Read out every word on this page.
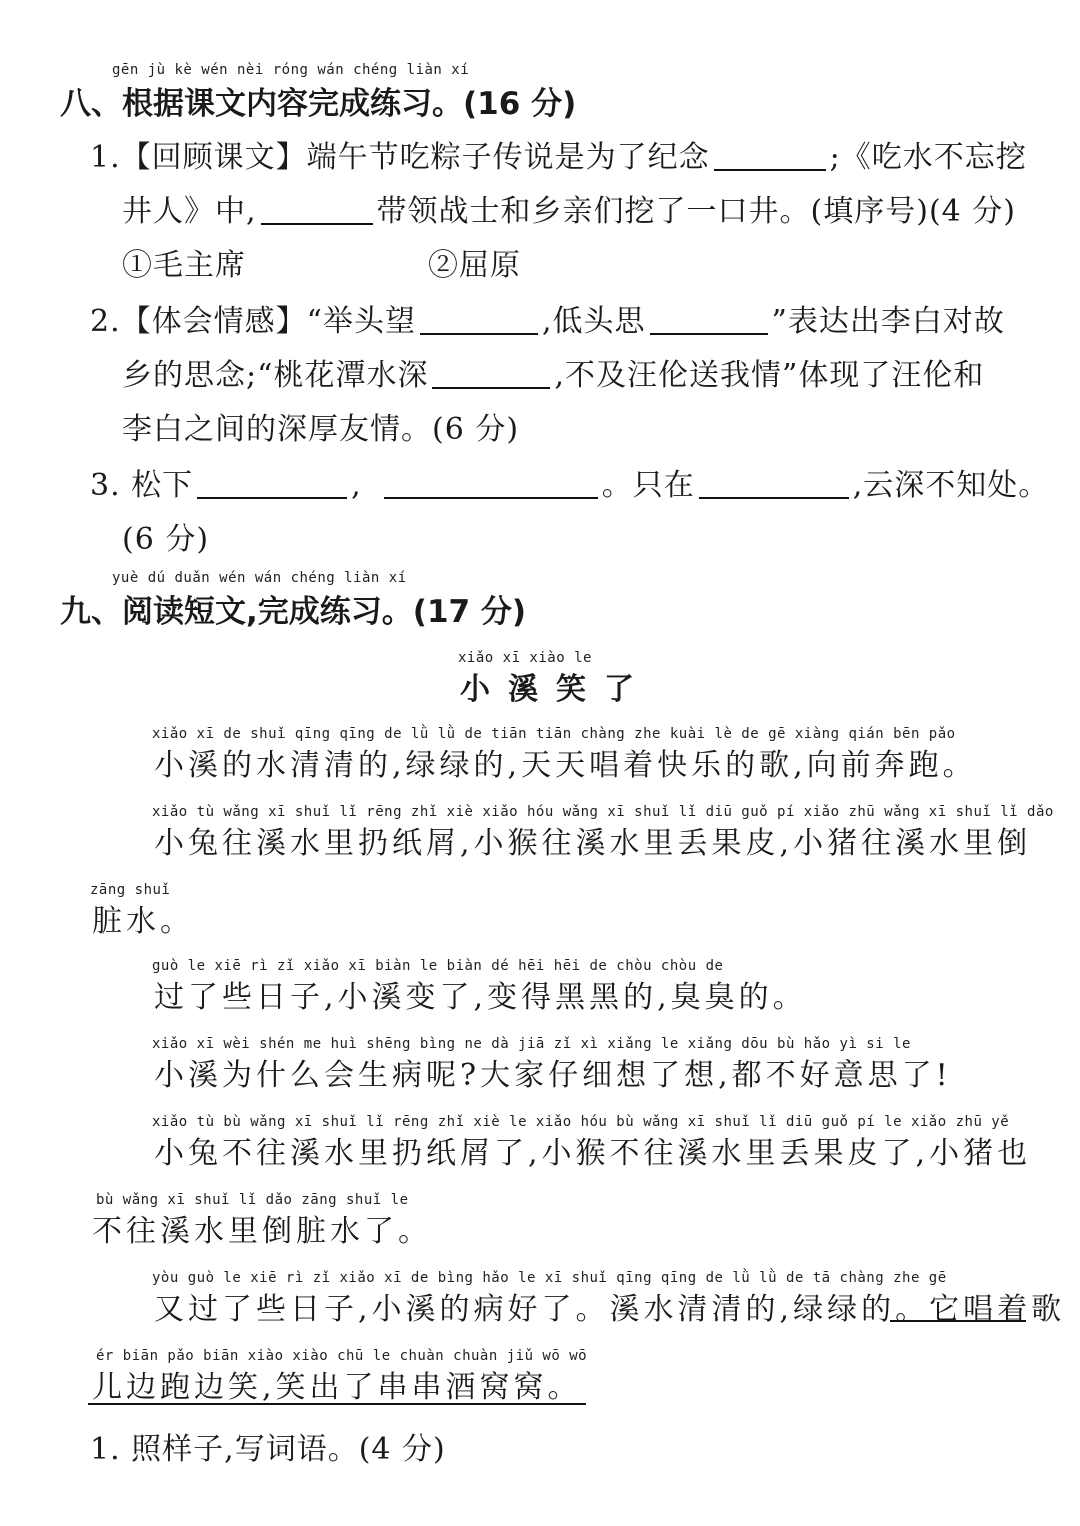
gēn jù kè wén nèi róng wán chéng liàn xí
八、根据课文内容完成练习。(16 分)
1.【回顾课文】端午节吃粽子传说是为了纪念	;《吃水不忘挖
井人》中,	带领战士和乡亲们挖了一口井。(填序号)(4 分)
①毛主席	②屈原
2.【体会情感】“举头望	,低头思	”表达出李白对故
乡的思念;“桃花潭水深	,不及汪伦送我情”体现了汪伦和
李白之间的深厚友情。(6 分)
3. 松下	,	。只在	,云深不知处。
(6 分)
yuè dú duǎn wén wán chéng liàn xí
九、阅读短文,完成练习。(17 分)
xiǎo xī xiào le
小溪笑了
xiǎo xī de shuǐ qīng qīng de lǜ lǜ de tiān tiān chàng zhe kuài lè de gē xiàng qián bēn pǎo
小溪的水清清的,绿绿的,天天唱着快乐的歌,向前奔跑。
xiǎo tù wǎng xī shuǐ lǐ rēng zhǐ xiè xiǎo hóu wǎng xī shuǐ lǐ diū guǒ pí xiǎo zhū wǎng xī shuǐ lǐ dǎo
小兔往溪水里扔纸屑,小猴往溪水里丢果皮,小猪往溪水里倒
zāng shuǐ
脏水。
guò le xiē rì zǐ xiǎo xī biàn le biàn dé hēi hēi de chòu chòu de
过了些日子,小溪变了,变得黑黑的,臭臭的。
xiǎo xī wèi shén me huì shēng bìng ne dà jiā zǐ xì xiǎng le xiǎng dōu bù hǎo yì si le
小溪为什么会生病呢?大家仔细想了想,都不好意思了!
xiǎo tù bù wǎng xī shuǐ lǐ rēng zhǐ xiè le xiǎo hóu bù wǎng xī shuǐ lǐ diū guǒ pí le xiǎo zhū yě
小兔不往溪水里扔纸屑了,小猴不往溪水里丢果皮了,小猪也
bù wǎng xī shuǐ lǐ dǎo zāng shuǐ le
不往溪水里倒脏水了。
yòu guò le xiē rì zǐ xiǎo xī de bìng hǎo le xī shuǐ qīng qīng de lǜ lǜ de tā chàng zhe gē
又过了些日子,小溪的病好了。溪水清清的,绿绿的。它唱着歌
ér biān pǎo biān xiào xiào chū le chuàn chuàn jiǔ wō wō
儿边跑边笑,笑出了串串酒窝窝。
1. 照样子,写词语。(4 分)
